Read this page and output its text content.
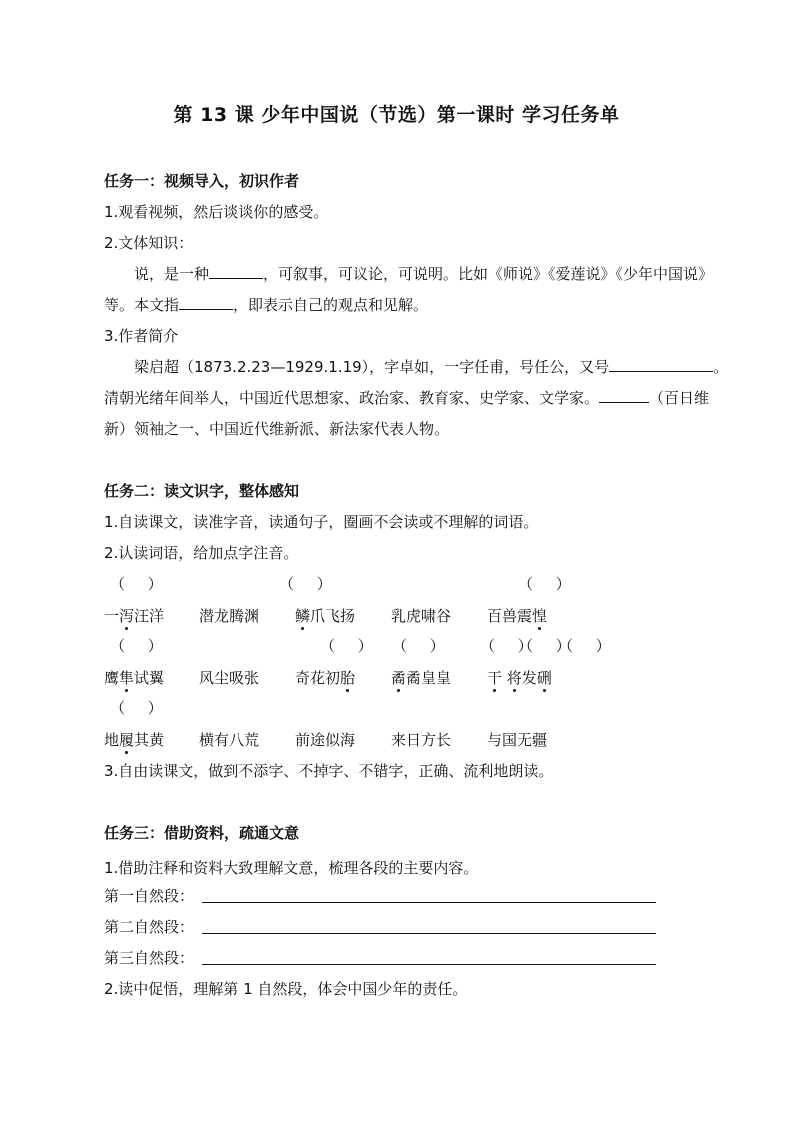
第 13 课 少年中国说（节选）第一课时 学习任务单
任务一：视频导入，初识作者
1.观看视频，然后谈谈你的感受。
2.文体知识：
说，是一种	，可叙事，可议论，可说明。比如《师说》《爱莲说》《少年中国说》
等。本文指	，即表示自己的观点和见解。
3.作者简介
梁启超（1873.2.23—1929.1.19），字卓如，一字任甫，号任公，又号	。
清朝光绪年间举人，中国近代思想家、政治家、教育家、史学家、文学家。	（百日维
新）领袖之一、中国近代维新派、新法家代表人物。
任务二：读文识字，整体感知
1.自读课文，读准字音，读通句子，圈画不会读或不理解的词语。
2.认读词语，给加点字注音。
（　 ）	（　 ）	（　 ）
一泻汪洋 潜龙腾渊 鳞爪飞扬 乳虎啸谷 百兽震惶
（　 ）	（　 ） （　 ） （　 ）
（　 ）
（　 ）
鹰隼试翼 风尘吸张 奇花初胎 矞矞皇皇 干 将发硎
（　 ）
地履其黄 横有八荒 前途似海 来日方长 与国无疆
3.自由读课文，做到不添字、不掉字、不错字，正确、流利地朗读。
任务三：借助资料，疏通文意
1.借助注释和资料大致理解文意，梳理各段的主要内容。
第一自然段：
第二自然段：
第三自然段：
2.读中促悟，理解第 1 自然段，体会中国少年的责任。
